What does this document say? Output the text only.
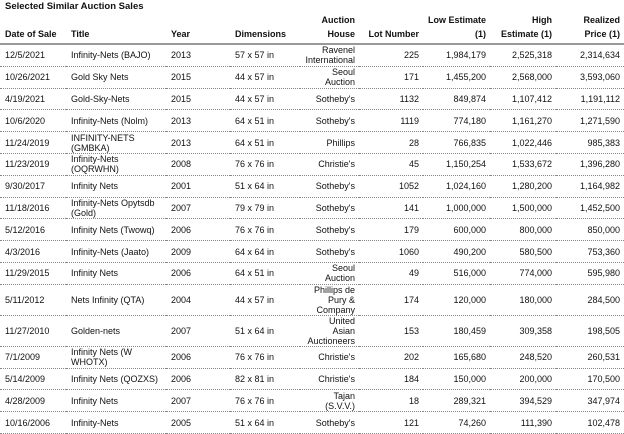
Selected Similar Auction Sales
Date of Sale	Title	Year	Dimensions	Auction House	Lot Number	Low Estimate (1)	High Estimate (1)	Realized Price (1)
12/5/2021	Infinity-Nets (BAJO)	2013	57 x 57 in	Ravenel International	225	1,984,179	2,525,318	2,314,634
10/26/2021	Gold Sky Nets	2015	44 x 57 in	Seoul Auction	171	1,455,200	2,568,000	3,593,060
4/19/2021	Gold-Sky-Nets	2015	44 x 57 in	Sotheby's	1132	849,874	1,107,412	1,191,112
10/6/2020	Infinity-Nets (Nolm)	2013	64 x 51 in	Sotheby's	1119	774,180	1,161,270	1,271,590
11/24/2019	INFINITY-NETS (GMBKA)	2013	64 x 51 in	Phillips	28	766,835	1,022,446	985,383
11/23/2019	Infinity-Nets (OQRWHN)	2008	76 x 76 in	Christie's	45	1,150,254	1,533,672	1,396,280
9/30/2017	Infinity Nets	2001	51 x 64 in	Sotheby's	1052	1,024,160	1,280,200	1,164,982
11/18/2016	Infinity-Nets Opytsdb (Gold)	2007	79 x 79 in	Sotheby's	141	1,000,000	1,500,000	1,452,500
5/12/2016	Infinity Nets (Twowq)	2006	76 x 76 in	Sotheby's	179	600,000	800,000	850,000
4/3/2016	Infinity-Nets (Jaato)	2009	64 x 64 in	Sotheby's	1060	490,200	580,500	753,360
11/29/2015	Infinity Nets	2006	64 x 51 in	Seoul Auction	49	516,000	774,000	595,980
5/11/2012	Nets Infinity (QTA)	2004	44 x 57 in	Phillips de Pury & Company	174	120,000	180,000	284,500
11/27/2010	Golden-nets	2007	51 x 64 in	United Asian Auctioneers	153	180,459	309,358	198,505
7/1/2009	Infinity Nets (W WHOTX)	2006	76 x 76 in	Christie's	202	165,680	248,520	260,531
5/14/2009	Infinity Nets (QOZXS)	2006	82 x 81 in	Christie's	184	150,000	200,000	170,500
4/28/2009	Infinity Nets	2007	76 x 76 in	Tajan (S.V.V.)	18	289,321	394,529	347,974
10/16/2006	Infinity-Nets	2005	51 x 64 in	Sotheby's	121	74,260	111,390	102,478
